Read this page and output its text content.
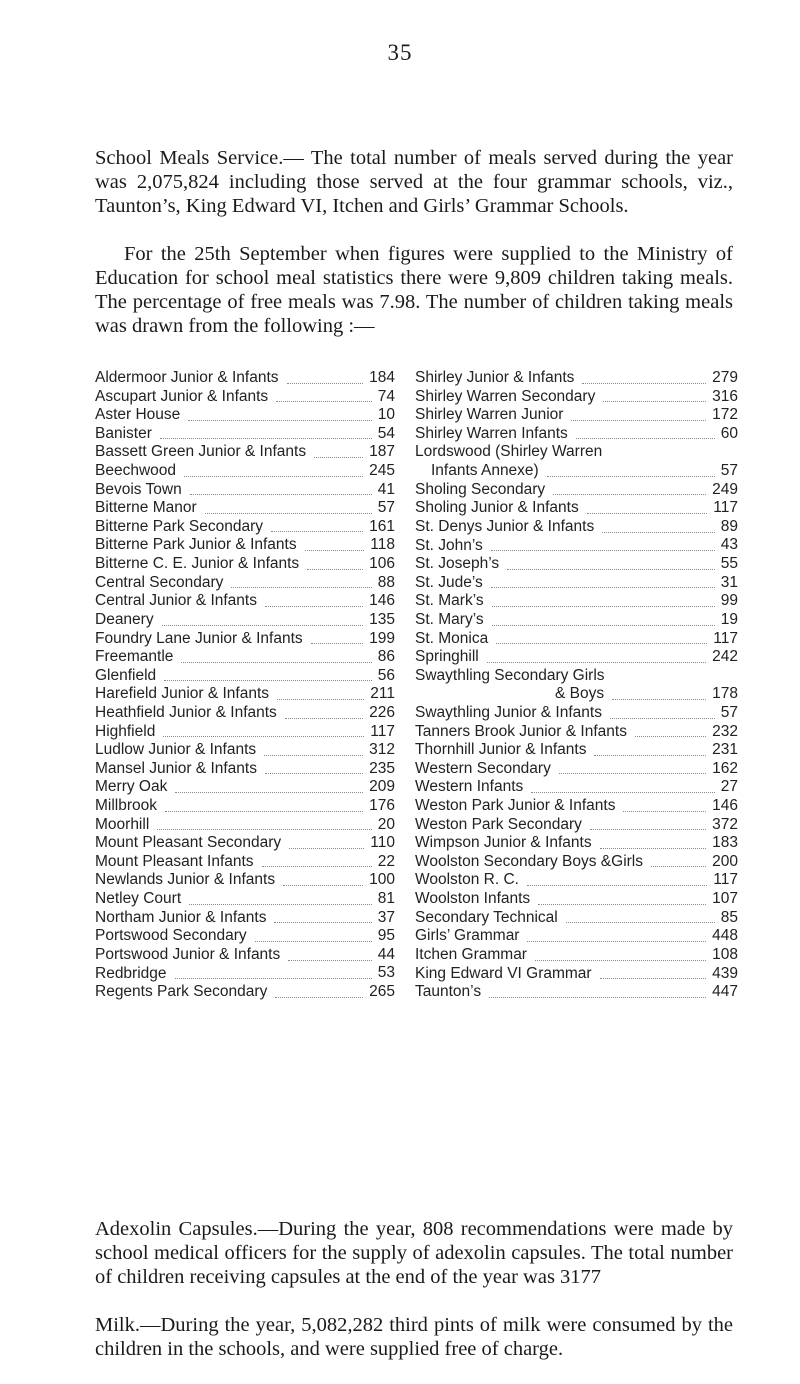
35

School Meals Service.— The total number of meals served during the year was 2,075,824 including those served at the four grammar schools, viz., Taunton’s, King Edward VI, Itchen and Girls’ Grammar Schools.

For the 25th September when figures were supplied to the Ministry of Education for school meal statistics there were 9,809 children taking meals. The percentage of free meals was 7.98. The number of children taking meals was drawn from the following :—

Aldermoor Junior & Infants	184
Ascupart Junior & Infants	74
Aster House	10
Banister	54
Bassett Green Junior & Infants	187
Beechwood	245
Bevois Town	41
Bitterne Manor	57
Bitterne Park Secondary	161
Bitterne Park Junior & Infants	118
Bitterne C. E. Junior & Infants	106
Central Secondary	88
Central Junior & Infants	146
Deanery	135
Foundry Lane Junior & Infants	199
Freemantle	86
Glenfield	56
Harefield Junior & Infants	211
Heathfield Junior & Infants	226
Highfield	117
Ludlow Junior & Infants	312
Mansel Junior & Infants	235
Merry Oak	209
Millbrook	176
Moorhill	20
Mount Pleasant Secondary	110
Mount Pleasant Infants	22
Newlands Junior & Infants	100
Netley Court	81
Northam Junior & Infants	37
Portswood Secondary	95
Portswood Junior & Infants	44
Redbridge	53
Regents Park Secondary	265
Shirley Junior & Infants	279
Shirley Warren Secondary	316
Shirley Warren Junior	172
Shirley Warren Infants	60
Lordswood (Shirley Warren
Infants Annexe)	57
Sholing Secondary	249
Sholing Junior & Infants	117
St. Denys Junior & Infants	89
St. John’s	43
St. Joseph’s	55
St. Jude’s	31
St. Mark’s	99
St. Mary’s	19
St. Monica	117
Springhill	242
Swaythling Secondary Girls
& Boys	178
Swaythling Junior & Infants	57
Tanners Brook Junior & Infants	232
Thornhill Junior & Infants	231
Western Secondary	162
Western Infants	27
Weston Park Junior & Infants	146
Weston Park Secondary	372
Wimpson Junior & Infants	183
Woolston Secondary Boys &Girls	200
Woolston R. C.	117
Woolston Infants	107
Secondary Technical	85
Girls’ Grammar	448
Itchen Grammar	108
King Edward VI Grammar	439
Taunton’s	447

Adexolin Capsules.—During the year, 808 recommendations were made by school medical officers for the supply of adexolin capsules. The total number of children receiving capsules at the end of the year was 3177

Milk.—During the year, 5,082,282 third pints of milk were consumed by the children in the schools, and were supplied free of charge.
